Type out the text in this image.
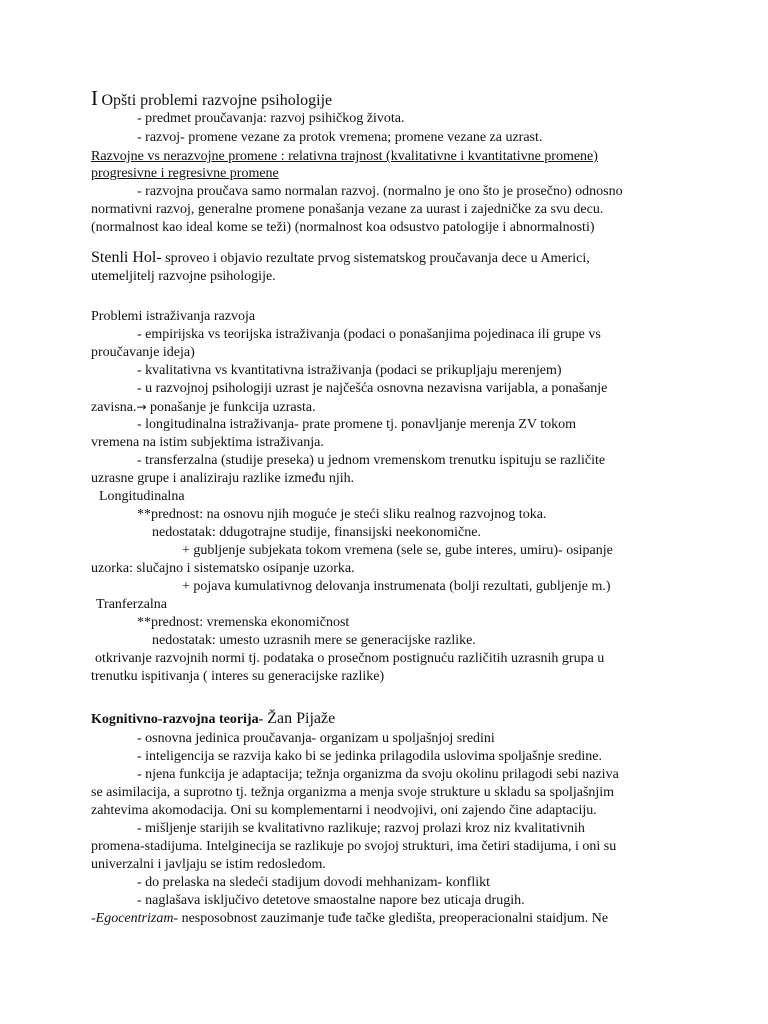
I Opšti problemi razvojne psihologije
- predmet proučavanja: razvoj psihičkog života.
- razvoj- promene vezane za protok vremena; promene vezane za uzrast.
Razvojne vs nerazvojne promene : relativna trajnost (kvalitativne i kvantitativne promene)
progresivne i regresivne promene
- razvojna proučava samo normalan razvoj. (normalno je ono što je prosečno) odnosno
normativni razvoj, generalne promene ponašanja vezane za uurast i zajedničke za svu decu.
(normalnost kao ideal kome se teži) (normalnost koa odsustvo patologije i abnormalnosti)
Stenli Hol- sproveo i objavio rezultate prvog sistematskog proučavanja dece u Americi,
utemeljitelj razvojne psihologije.
Problemi istraživanja razvoja
- empirijska vs teorijska istraživanja (podaci o ponašanjima pojedinaca ili grupe vs
proučavanje ideja)
- kvalitativna vs kvantitativna istraživanja (podaci se prikupljaju merenjem)
- u razvojnoj psihologiji uzrast je najčešća osnovna nezavisna varijabla, a ponašanje
zavisna.→ ponašanje je funkcija uzrasta.
- longitudinalna istraživanja- prate promene tj. ponavljanje merenja ZV tokom
vremena na istim subjektima istraživanja.
- transferzalna (studije preseka) u jednom vremenskom trenutku ispituju se različite
uzrasne grupe i analiziraju razlike između njih.
Longitudinalna
**prednost: na osnovu njih moguće je steći sliku realnog razvojnog toka.
nedostatak: ddugotrajne studije, finansijski neekonomične.
+ gubljenje subjekata tokom vremena (sele se, gube interes, umiru)- osipanje
uzorka: slučajno i sistematsko osipanje uzorka.
+ pojava kumulativnog delovanja instrumenata (bolji rezultati, gubljenje m.)
Tranferzalna
**prednost: vremenska ekonomičnost
nedostatak: umesto uzrasnih mere se generacijske razlike.
otkrivanje razvojnih normi tj. podataka o prosečnom postignuću različitih uzrasnih grupa u
trenutku ispitivanja ( interes su generacijske razlike)
Kognitivno-razvojna teorija- Žan Pijaže
- osnovna jedinica proučavanja- organizam u spoljašnjoj sredini
- inteligencija se razvija kako bi se jedinka prilagodila uslovima spoljašnje sredine.
- njena funkcija je adaptacija; težnja organizma da svoju okolinu prilagodi sebi naziva
se asimilacija, a suprotno tj. težnja organizma a menja svoje strukture u skladu sa spoljašnjim
zahtevima akomodacija. Oni su komplementarni i neodvojivi, oni zajendo čine adaptaciju.
- mišljenje starijih se kvalitativno razlikuje; razvoj prolazi kroz niz kvalitativnih
promena-stadijuma. Intelginecija se razlikuje po svojoj strukturi, ima četiri stadijuma, i oni su
univerzalni i javljaju se istim redosledom.
- do prelaska na sledeći stadijum dovodi mehhanizam- konflikt
- naglašava isključivo detetove smaostalne napore bez uticaja drugih.
-Egocentrizam- nesposobnost zauzimanje tuđe tačke gledišta, preoperacionalni staidjum. Ne
